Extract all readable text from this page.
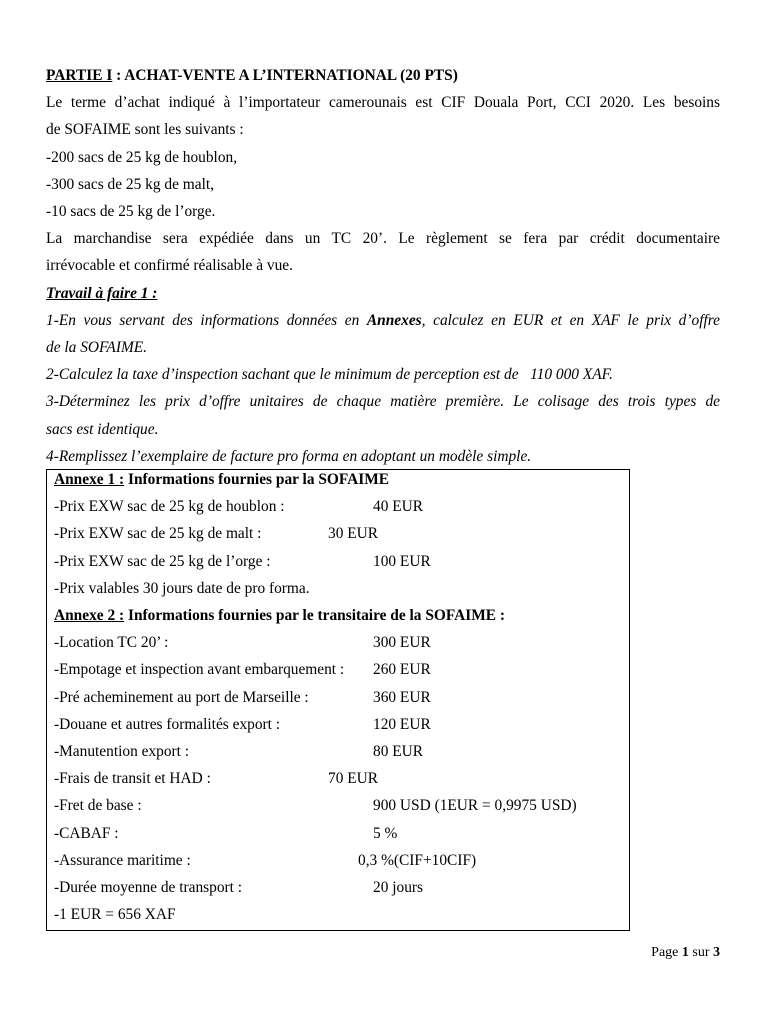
PARTIE I : ACHAT-VENTE A L’INTERNATIONAL (20 PTS)
Le terme d’achat indiqué à l’importateur camerounais est CIF Douala Port, CCI 2020. Les besoins
de SOFAIME sont les suivants :
-200 sacs de 25 kg de houblon,
-300 sacs de 25 kg de malt,
-10 sacs de 25 kg de l’orge.
La marchandise sera expédiée dans un TC 20’. Le règlement se fera par crédit documentaire
irrévocable et confirmé réalisable à vue.
Travail à faire 1 :
1-En vous servant des informations données en Annexes, calculez en EUR et en XAF le prix d’offre
de la SOFAIME.
2-Calculez la taxe d’inspection sachant que le minimum de perception est de   110 000 XAF.
3-Déterminez les prix d’offre unitaires de chaque matière première. Le colisage des trois types de
sacs est identique.
4-Remplissez l’exemplaire de facture pro forma en adoptant un modèle simple.
Annexe 1 : Informations fournies par la SOFAIME
-Prix EXW sac de 25 kg de houblon :	40 EUR
-Prix EXW sac de 25 kg de malt :	30 EUR
-Prix EXW sac de 25 kg de l’orge :	100 EUR
-Prix valables 30 jours date de pro forma.
Annexe 2 : Informations fournies par le transitaire de la SOFAIME :
-Location TC 20’ :	300 EUR
-Empotage et inspection avant embarquement : 260 EUR
-Pré acheminement au port de Marseille :	360 EUR
-Douane et autres formalités export :	120 EUR
-Manutention export :	80 EUR
-Frais de transit et HAD :	70 EUR
-Fret de base :	900 USD (1EUR = 0,9975 USD)
-CABAF :	5 %
-Assurance maritime :	0,3 %(CIF+10CIF)
-Durée moyenne de transport :	20 jours
-1 EUR = 656 XAF
Page 1 sur 3
